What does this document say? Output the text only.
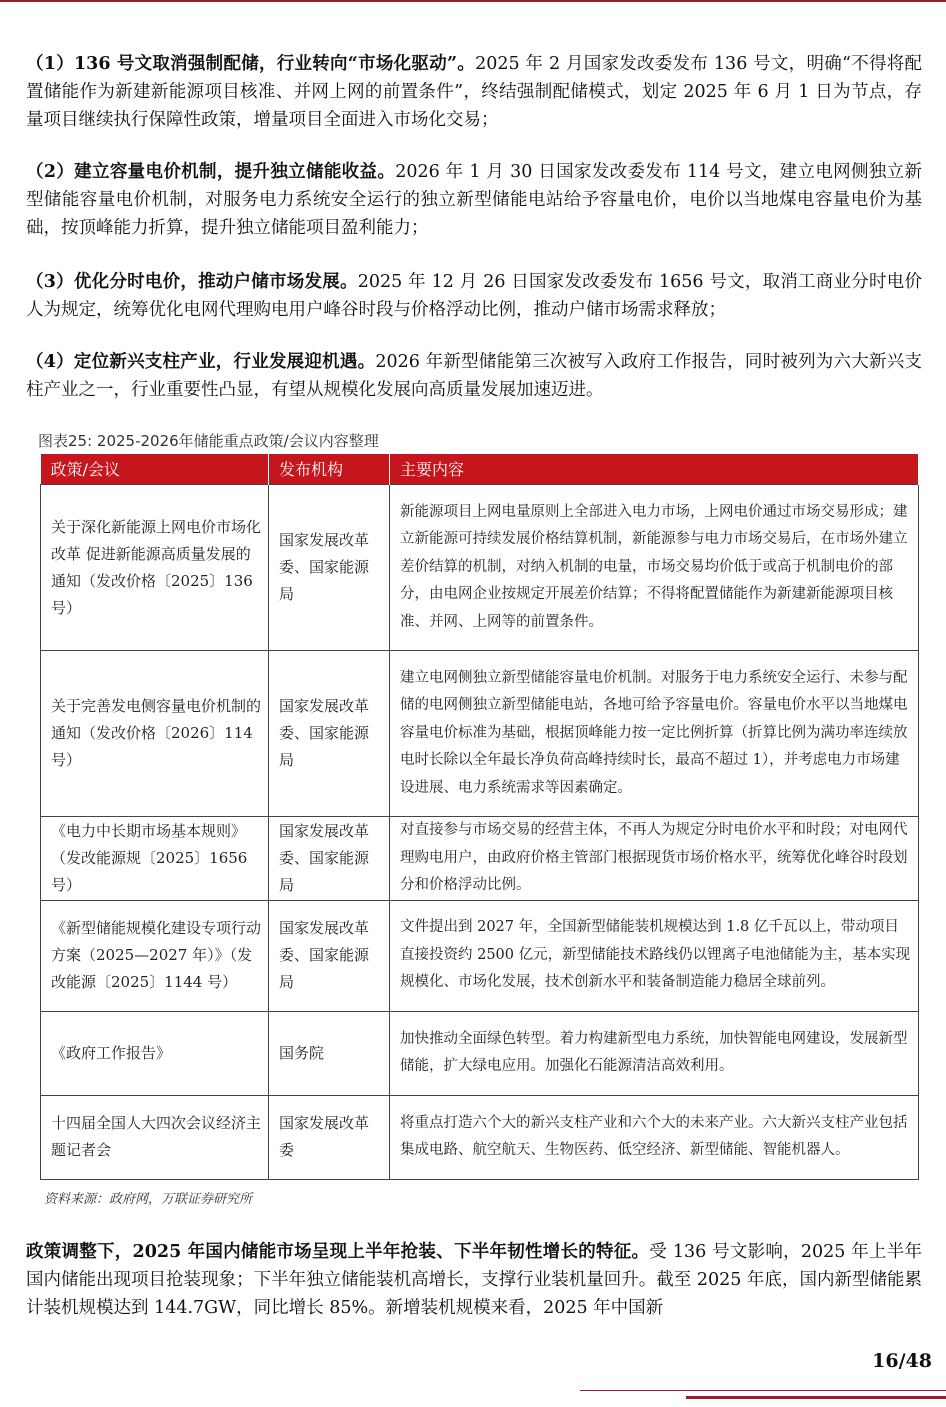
（1）136 号文取消强制配储，行业转向“市场化驱动”。2025 年 2 月国家发改委发布 136 号文，明确“不得将配置储能作为新建新能源项目核准、并网上网的前置条件”，终结强制配储模式，划定 2025 年 6 月 1 日为节点，存量项目继续执行保障性政策，增量项目全面进入市场化交易；

（2）建立容量电价机制，提升独立储能收益。2026 年 1 月 30 日国家发改委发布 114 号文，建立电网侧独立新型储能容量电价机制，对服务电力系统安全运行的独立新型储能电站给予容量电价，电价以当地煤电容量电价为基础，按顶峰能力折算，提升独立储能项目盈利能力；

（3）优化分时电价，推动户储市场发展。2025 年 12 月 26 日国家发改委发布 1656 号文，取消工商业分时电价人为规定，统筹优化电网代理购电用户峰谷时段与价格浮动比例，推动户储市场需求释放；

（4）定位新兴支柱产业，行业发展迎机遇。2026 年新型储能第三次被写入政府工作报告，同时被列为六大新兴支柱产业之一，行业重要性凸显，有望从规模化发展向高质量发展加速迈进。

图表25: 2025-2026年储能重点政策/会议内容整理
政策/会议	发布机构	主要内容
关于深化新能源上网电价市场化改革 促进新能源高质量发展的通知（发改价格〔2025〕136 号）	国家发展改革委、国家能源局	新能源项目上网电量原则上全部进入电力市场，上网电价通过市场交易形成；建立新能源可持续发展价格结算机制，新能源参与电力市场交易后，在市场外建立差价结算的机制，对纳入机制的电量，市场交易均价低于或高于机制电价的部分，由电网企业按规定开展差价结算；不得将配置储能作为新建新能源项目核准、并网、上网等的前置条件。
关于完善发电侧容量电价机制的通知（发改价格〔2026〕114 号）	国家发展改革委、国家能源局	建立电网侧独立新型储能容量电价机制。对服务于电力系统安全运行、未参与配储的电网侧独立新型储能电站，各地可给予容量电价。容量电价水平以当地煤电容量电价标准为基础，根据顶峰能力按一定比例折算（折算比例为满功率连续放电时长除以全年最长净负荷高峰持续时长，最高不超过 1），并考虑电力市场建设进展、电力系统需求等因素确定。
《电力中长期市场基本规则》（发改能源规〔2025〕1656 号）	国家发展改革委、国家能源局	对直接参与市场交易的经营主体，不再人为规定分时电价水平和时段；对电网代理购电用户，由政府价格主管部门根据现货市场价格水平，统筹优化峰谷时段划分和价格浮动比例。
《新型储能规模化建设专项行动方案（2025—2027 年）》（发改能源〔2025〕1144 号）	国家发展改革委、国家能源局	文件提出到 2027 年，全国新型储能装机规模达到 1.8 亿千瓦以上，带动项目直接投资约 2500 亿元，新型储能技术路线仍以锂离子电池储能为主，基本实现规模化、市场化发展，技术创新水平和装备制造能力稳居全球前列。
《政府工作报告》	国务院	加快推动全面绿色转型。着力构建新型电力系统，加快智能电网建设，发展新型储能，扩大绿电应用。加强化石能源清洁高效利用。
十四届全国人大四次会议经济主题记者会	国家发展改革委	将重点打造六个大的新兴支柱产业和六个大的未来产业。六大新兴支柱产业包括集成电路、航空航天、生物医药、低空经济、新型储能、智能机器人。
资料来源：政府网，万联证券研究所

政策调整下，2025 年国内储能市场呈现上半年抢装、下半年韧性增长的特征。受 136 号文影响，2025 年上半年国内储能出现项目抢装现象；下半年独立储能装机高增长，支撑行业装机量回升。截至 2025 年底，国内新型储能累计装机规模达到 144.7GW，同比增长 85%。新增装机规模来看，2025 年中国新

16/48
